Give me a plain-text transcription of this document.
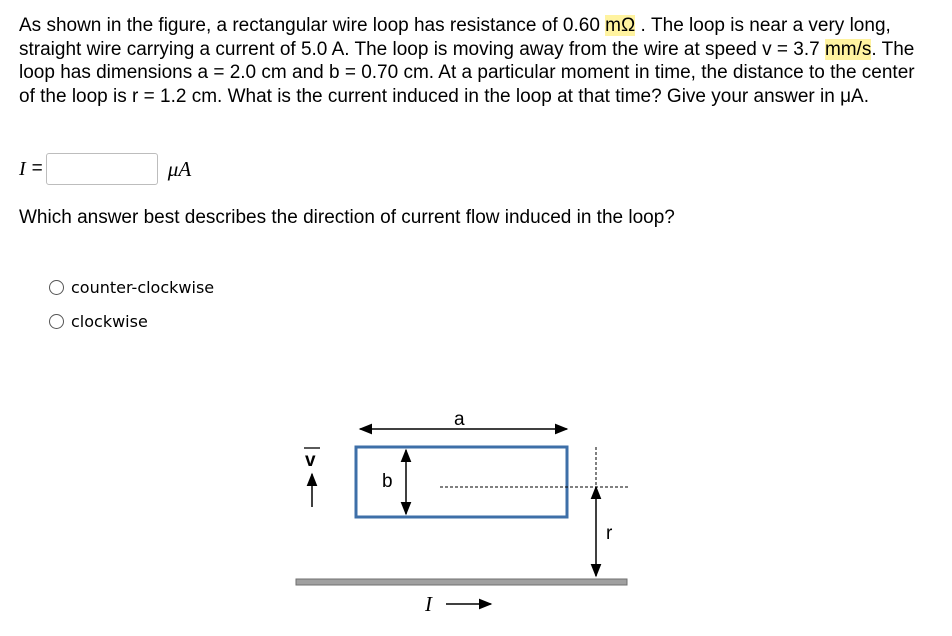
As shown in the figure, a rectangular wire loop has resistance of 0.60 mΩ . The loop is near a very long, straight wire carrying a current of 5.0 A. The loop is moving away from the wire at speed v = 3.7 mm/s. The loop has dimensions a = 2.0 cm and b = 0.70 cm. At a particular moment in time, the distance to the center of the loop is r = 1.2 cm. What is the current induced in the loop at that time? Give your answer in μA.

I =	μA

Which answer best describes the direction of current flow induced in the loop?

counter-clockwise
clockwise
a
b
r
v
I
